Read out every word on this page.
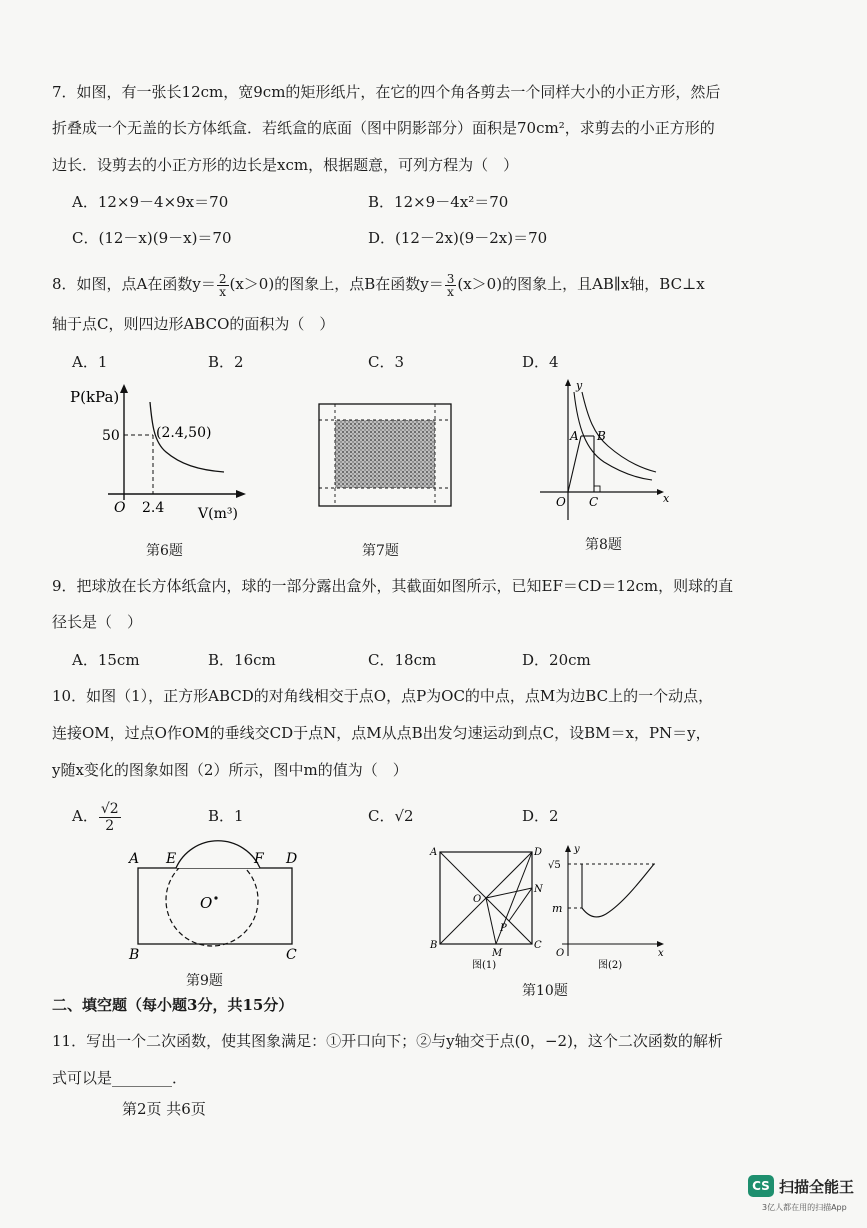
7．如图，有一张长12cm，宽9cm的矩形纸片，在它的四个角各剪去一个同样大小的小正方形，然后
折叠成一个无盖的长方体纸盒．若纸盒的底面（图中阴影部分）面积是70cm²，求剪去的小正方形的
边长．设剪去的小正方形的边长是xcm，根据题意，可列方程为（　）
A．12×9－4×9x＝70	B．12×9－4x²＝70
C．(12－x)(9－x)＝70	D．(12－2x)(9－2x)＝70
8．如图，点A在函数$y= \frac{2}{x} (x>0)$的图象上，点B在函数$y= \frac{3}{x} (x>0)$的图象上，且AB∥x轴，BC⊥x
轴于点C，则四边形ABCO的面积为（　）
A．1	B．2	C．3	D．4
P(kPa)
50	(2.4,50)
O 2.4 V(m³)
第6题	第7题
y
x
O
A B
C
第8题
9．把球放在长方体纸盒内，球的一部分露出盒外，其截面如图所示，已知EF＝CD＝12cm，则球的直
径长是（　）
A．15cm	B．16cm	C．18cm	D．20cm
10．如图（1），正方形ABCD的对角线相交于点O，点P为OC的中点，点M为边BC上的一个动点，
连接OM，过点O作OM的垂线交CD于点N，点M从点B出发匀速运动到点C，设BM＝x，PN＝y，
y随x变化的图象如图（2）所示，图中m的值为（　）
A． $\frac{√2}{2}$	B．1	C．√2	D．2
A E	F D
O
B	C
第9题
A	D
N
O
P
B
M
C
图(1)
y
√5
m
O	x
图(2)
第10题
二、填空题（每小题3分，共15分）
11．写出一个二次函数，使其图象满足：①开口向下；②与y轴交于点(0，−2)，这个二次函数的解析
式可以是________．
第2页 共6页
CS 扫描全能王
3亿人都在用的扫描App
